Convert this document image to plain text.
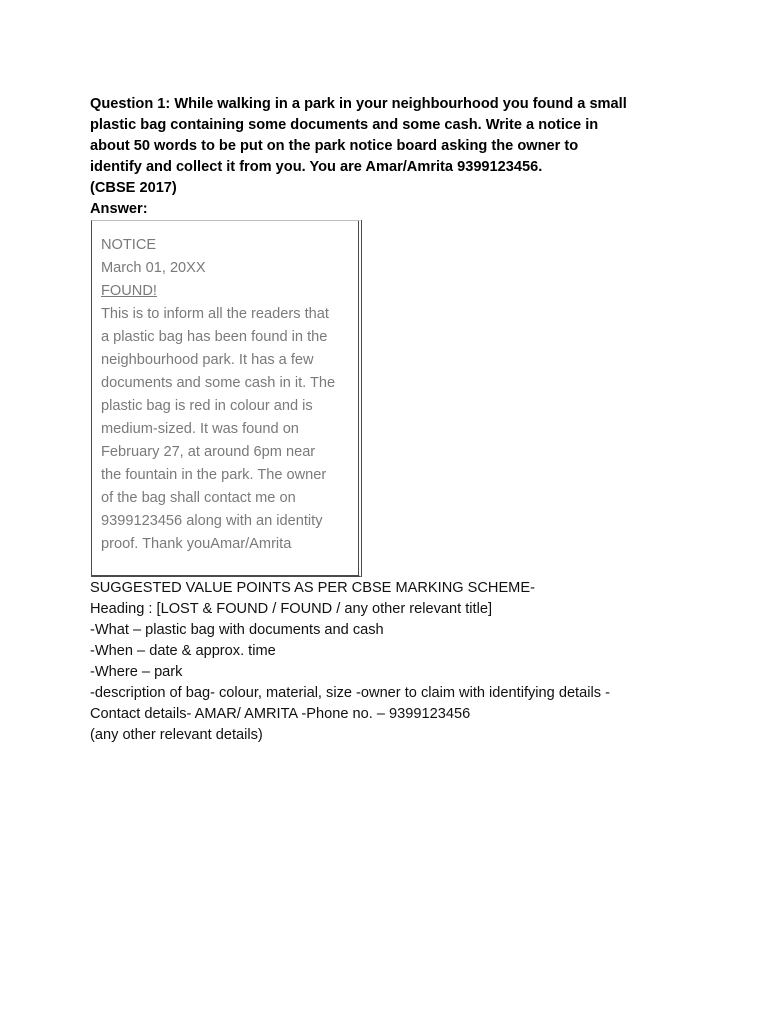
Question 1: While walking in a park in your neighbourhood you found a small
plastic bag containing some documents and some cash. Write a notice in
about 50 words to be put on the park notice board asking the owner to
identify and collect it from you. You are Amar/Amrita 9399123456.
(CBSE 2017)
Answer:
NOTICE
March 01, 20XX
FOUND!
This is to inform all the readers that
a plastic bag has been found in the
neighbourhood park. It has a few
documents and some cash in it. The
plastic bag is red in colour and is
medium-sized. It was found on
February 27, at around 6pm near
the fountain in the park. The owner
of the bag shall contact me on
9399123456 along with an identity
proof. Thank youAmar/Amrita
SUGGESTED VALUE POINTS AS PER CBSE MARKING SCHEME-
Heading : [LOST & FOUND / FOUND / any other relevant title]
-What – plastic bag with documents and cash
-When – date & approx. time
-Where – park
-description of bag- colour, material, size -owner to claim with identifying details -
Contact details- AMAR/ AMRITA -Phone no. – 9399123456
(any other relevant details)
